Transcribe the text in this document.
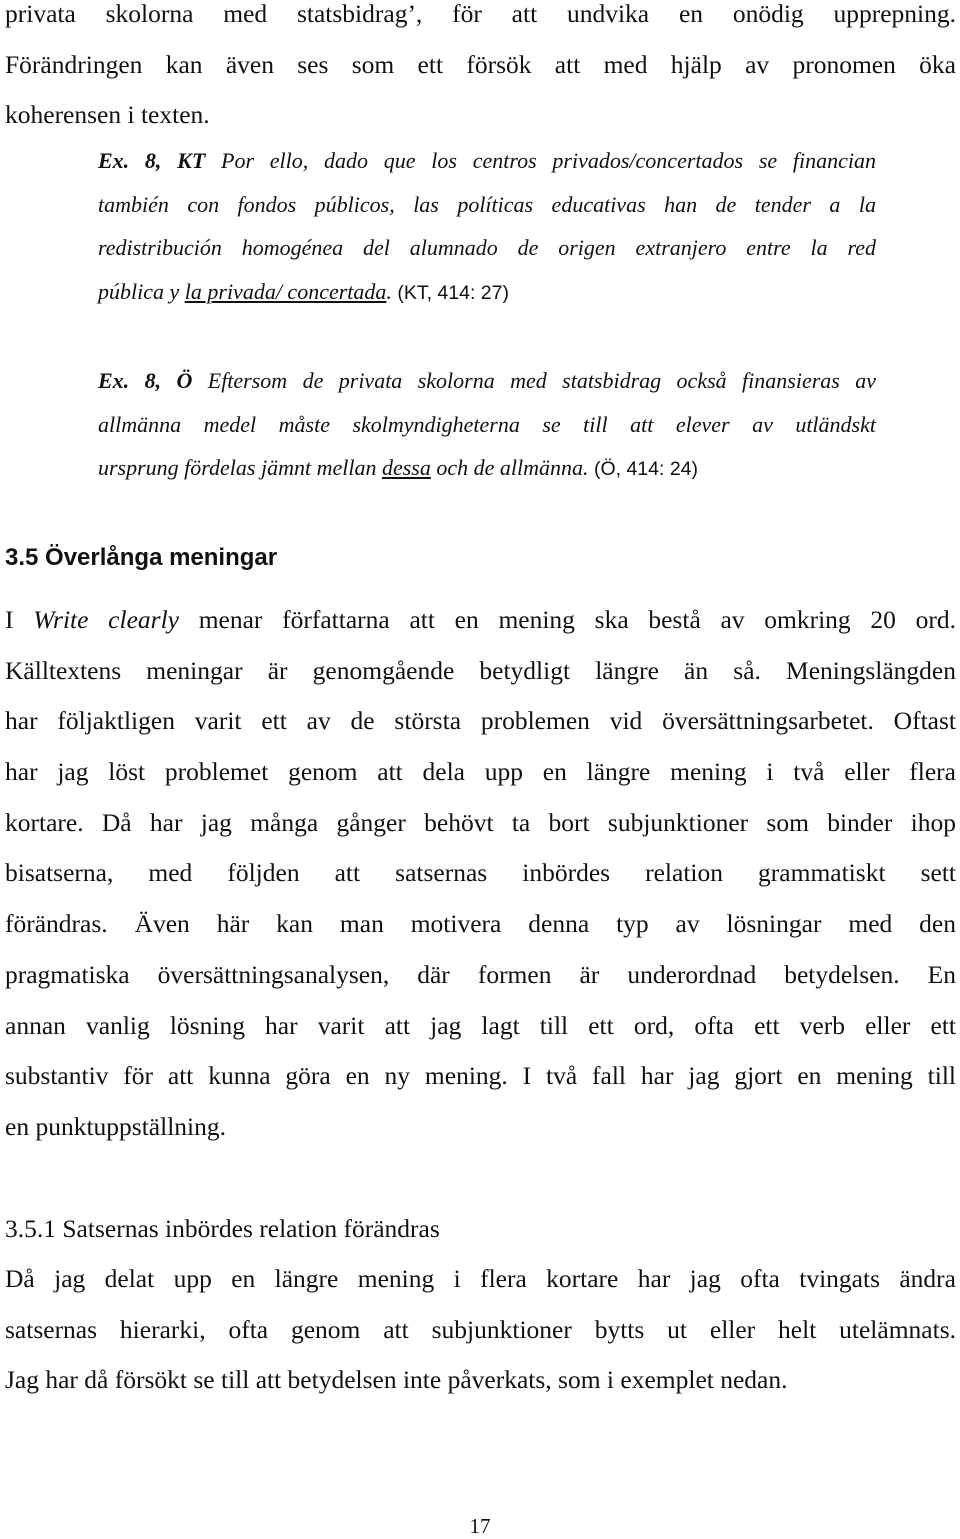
privata skolorna med statsbidrag’, för att undvika en onödig upprepning.
Förändringen kan även ses som ett försök att med hjälp av pronomen öka
koherensen i texten.
Ex. 8, KT Por ello, dado que los centros privados/concertados se financian
también con fondos públicos, las políticas educativas han de tender a la
redistribución homogénea del alumnado de origen extranjero entre la red
pública y la privada/ concertada. (KT, 414: 27)
Ex. 8, Ö Eftersom de privata skolorna med statsbidrag också finansieras av
allmänna medel måste skolmyndigheterna se till att elever av utländskt
ursprung fördelas jämnt mellan dessa och de allmänna. (Ö, 414: 24)
3.5 Överlånga meningar
I Write clearly menar författarna att en mening ska bestå av omkring 20 ord.
Källtextens meningar är genomgående betydligt längre än så. Meningslängden
har följaktligen varit ett av de största problemen vid översättningsarbetet. Oftast
har jag löst problemet genom att dela upp en längre mening i två eller flera
kortare. Då har jag många gånger behövt ta bort subjunktioner som binder ihop
bisatserna, med följden att satsernas inbördes relation grammatiskt sett
förändras. Även här kan man motivera denna typ av lösningar med den
pragmatiska översättningsanalysen, där formen är underordnad betydelsen. En
annan vanlig lösning har varit att jag lagt till ett ord, ofta ett verb eller ett
substantiv för att kunna göra en ny mening. I två fall har jag gjort en mening till
en punktuppställning.
3.5.1 Satsernas inbördes relation förändras
Då jag delat upp en längre mening i flera kortare har jag ofta tvingats ändra
satsernas hierarki, ofta genom att subjunktioner bytts ut eller helt utelämnats.
Jag har då försökt se till att betydelsen inte påverkats, som i exemplet nedan.
17
